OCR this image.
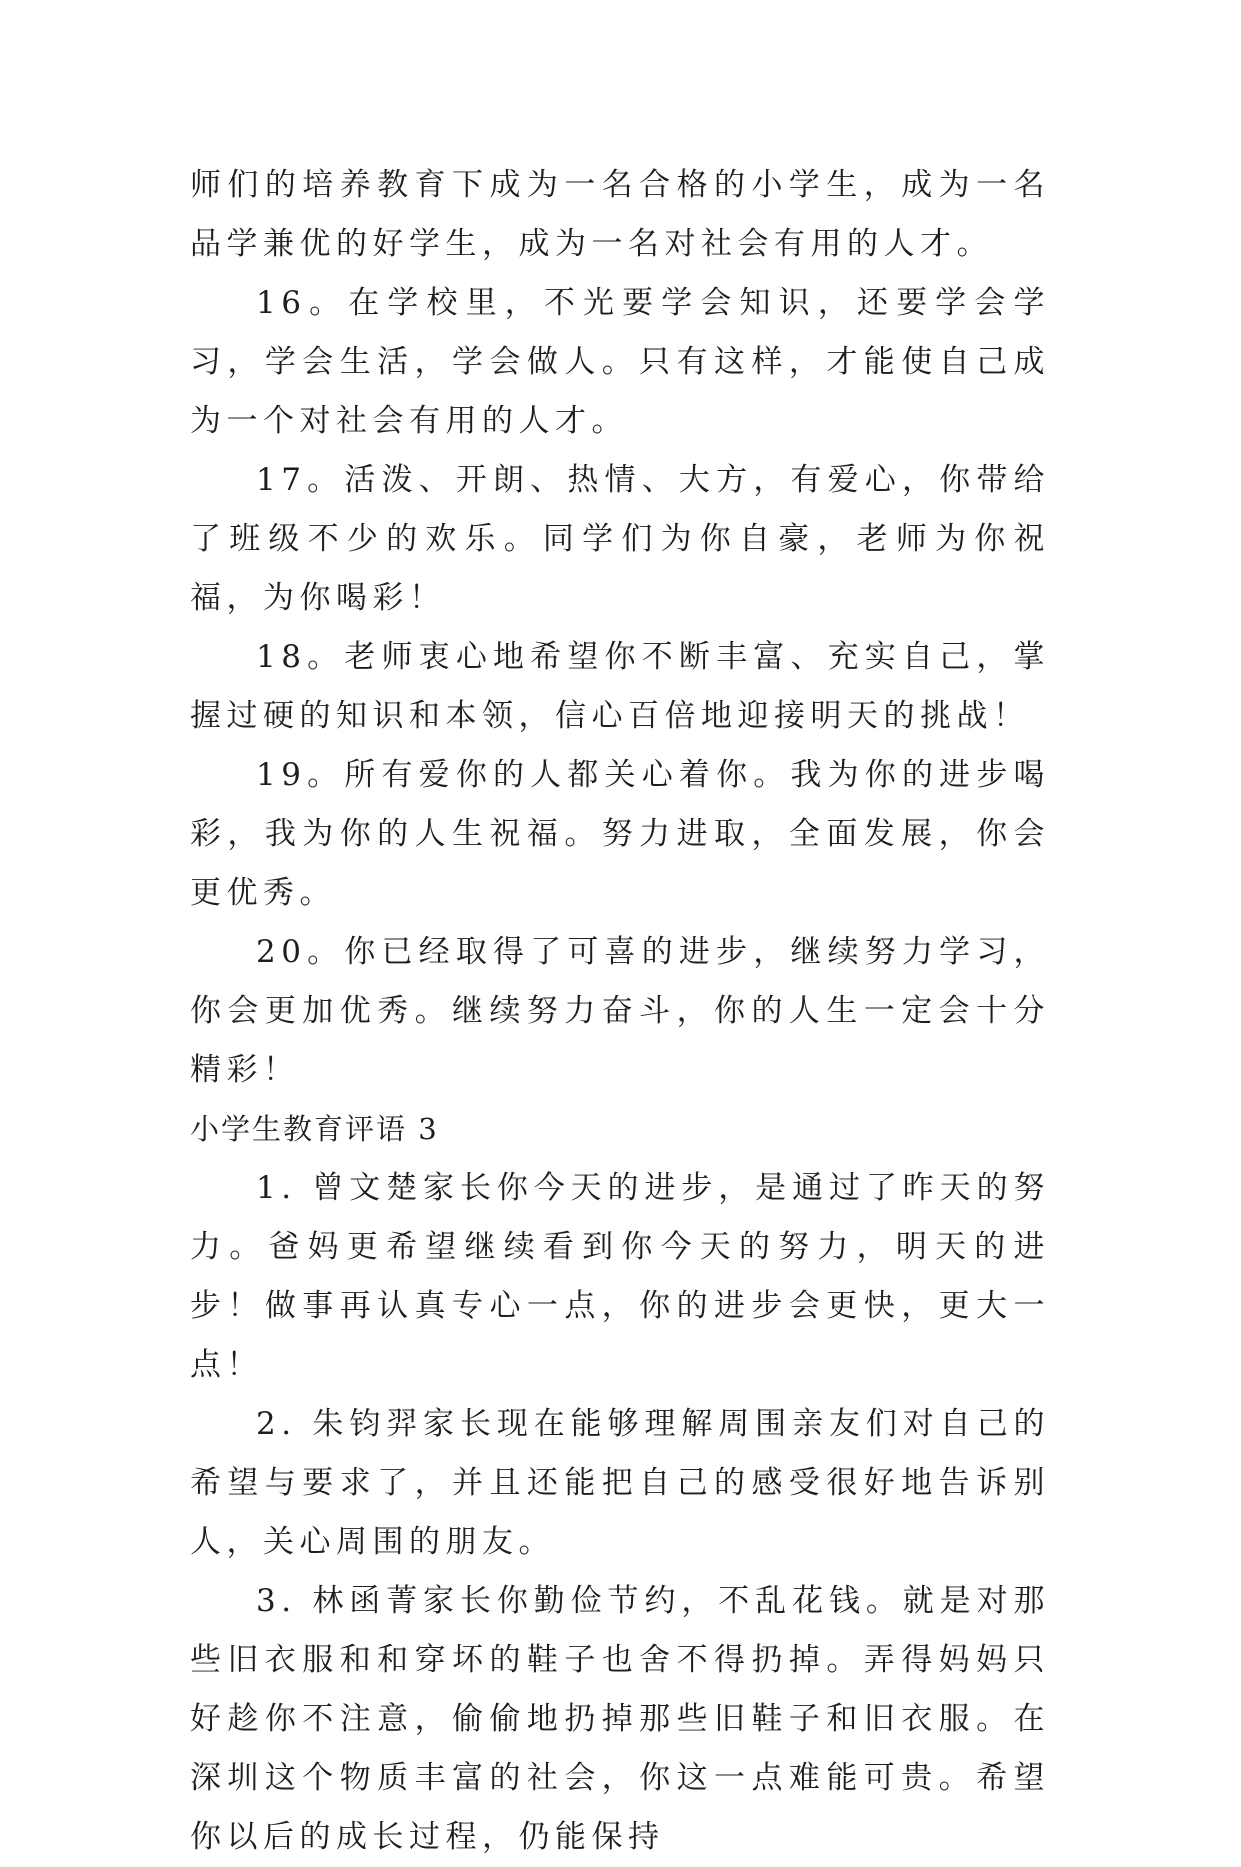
师们的培养教育下成为一名合格的小学生，成为一名品学兼优的好学生，成为一名对社会有用的人才。

16。在学校里，不光要学会知识，还要学会学习，学会生活，学会做人。只有这样，才能使自己成为一个对社会有用的人才。

17。活泼、开朗、热情、大方，有爱心，你带给了班级不少的欢乐。同学们为你自豪，老师为你祝福，为你喝彩！

18。老师衷心地希望你不断丰富、充实自己，掌握过硬的知识和本领，信心百倍地迎接明天的挑战！

19。所有爱你的人都关心着你。我为你的进步喝彩，我为你的人生祝福。努力进取，全面发展，你会更优秀。

20。你已经取得了可喜的进步，继续努力学习，你会更加优秀。继续努力奋斗，你的人生一定会十分精彩！

小学生教育评语 3

1. 曾文楚家长你今天的进步，是通过了昨天的努力。爸妈更希望继续看到你今天的努力，明天的进步！做事再认真专心一点，你的进步会更快，更大一点！

2. 朱钧羿家长现在能够理解周围亲友们对自己的希望与要求了，并且还能把自己的感受很好地告诉别人，关心周围的朋友。

3. 林函菁家长你勤俭节约，不乱花钱。就是对那些旧衣服和和穿坏的鞋子也舍不得扔掉。弄得妈妈只好趁你不注意，偷偷地扔掉那些旧鞋子和旧衣服。在深圳这个物质丰富的社会，你这一点难能可贵。希望你以后的成长过程，仍能保持
